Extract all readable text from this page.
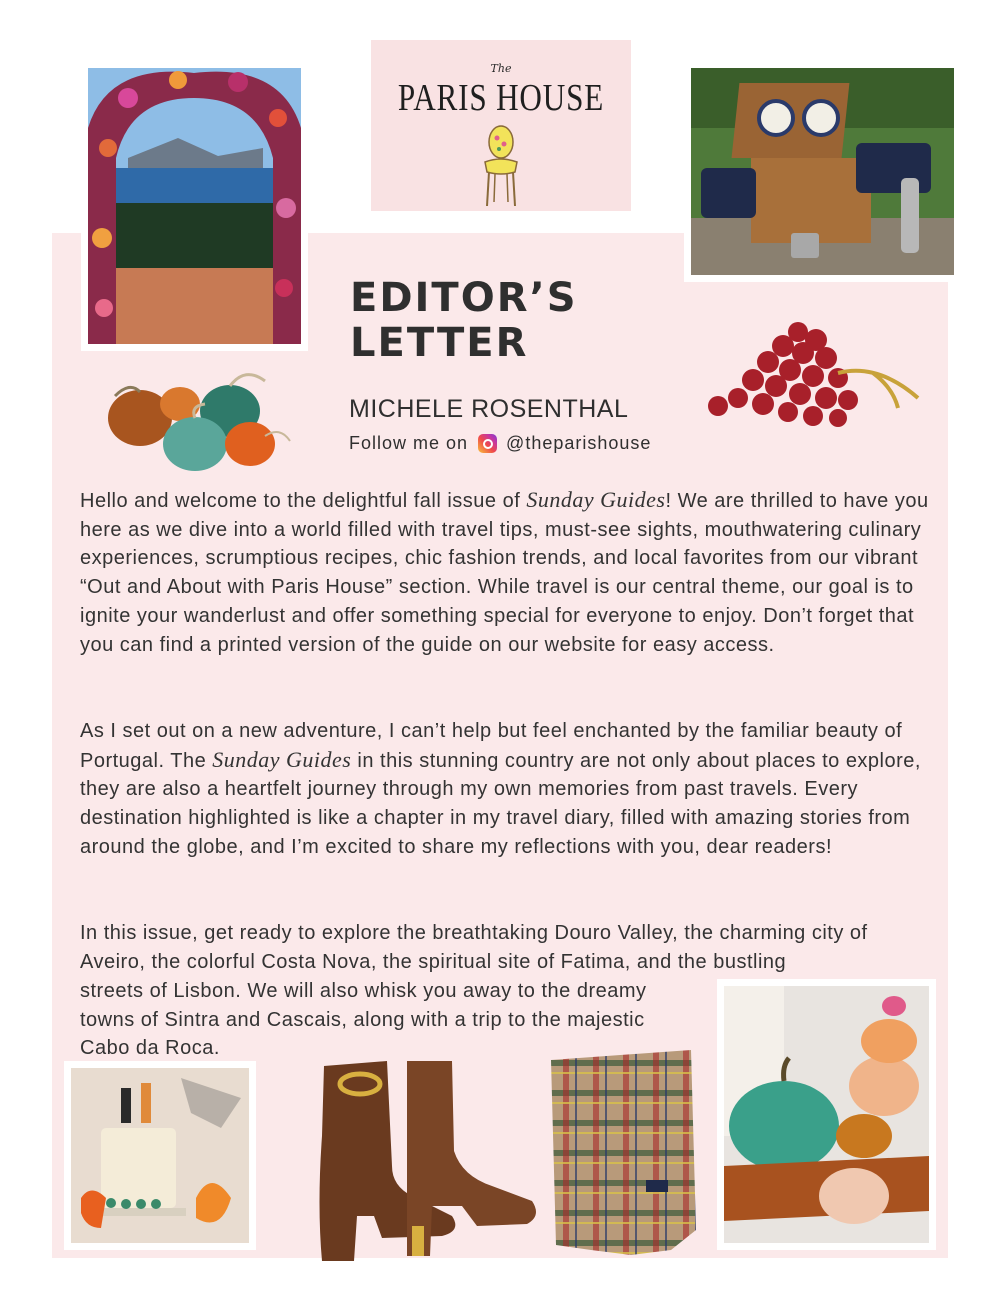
The
PARIS HOUSE
EDITOR’S
LETTER
MICHELE ROSENTHAL
Follow me on @theparishouse
Hello and welcome to the delightful fall issue of Sunday Guides! We are thrilled to have you here as we dive into a world filled with travel tips, must-see sights, mouthwatering culinary experiences, scrumptious recipes, chic fashion trends, and local favorites from our vibrant “Out and About with Paris House” section. While travel is our central theme, our goal is to ignite your wanderlust and offer something special for everyone to enjoy. Don’t forget that you can find a printed version of the guide on our website for easy access.
As I set out on a new adventure, I can’t help but feel enchanted by the familiar beauty of Portugal. The Sunday Guides in this stunning country are not only about places to explore, they are also a heartfelt journey through my own memories from past travels. Every destination highlighted is like a chapter in my travel diary, filled with amazing stories from around the globe, and I’m excited to share my reflections with you, dear readers!
In this issue, get ready to explore the breathtaking Douro Valley, the charming city of Aveiro, the colorful Costa Nova, the spiritual site of Fatima, and the bustling
streets of Lisbon. We will also whisk you away to the dreamy towns of Sintra and Cascais, along with a trip to the majestic Cabo da Roca.
